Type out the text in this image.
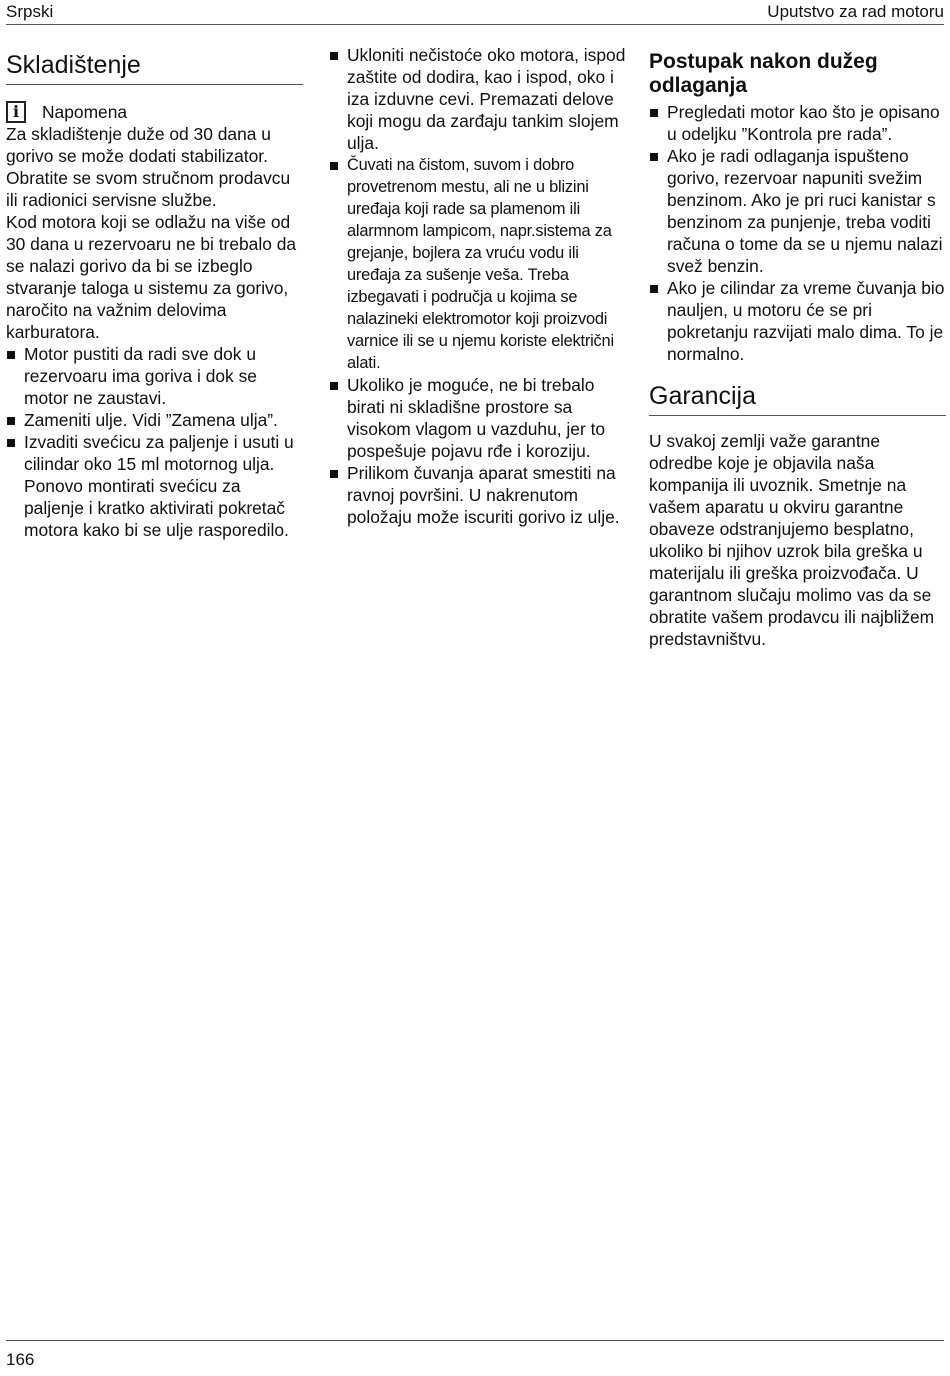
Srpski	Uputstvo za rad motoru
Skladištenje
i	Napomena

Za skladištenje duže od 30 dana u gorivo se može dodati stabilizator. Obratite se svom stručnom prodavcu ili radionici servisne službe.

Kod motora koji se odlažu na više od 30 dana u rezervoaru ne bi trebalo da se nalazi gorivo da bi se izbeglo stvaranje taloga u sistemu za gorivo, naročito na važnim delovima karburatora.

Motor pustiti da radi sve dok u rezervoaru ima goriva i dok se motor ne zaustavi.
Zameniti ulje. Vidi ”Zamena ulja”.
Izvaditi svećicu za paljenje i usuti u cilindar oko 15 ml motornog ulja. Ponovo montirati svećicu za paljenje i kratko aktivirati pokretač motora kako bi se ulje rasporedilo.
Ukloniti nečistoće oko motora, ispod zaštite od dodira, kao i ispod, oko i iza izduvne cevi. Premazati delove koji mogu da zarđaju tankim slojem ulja.
Čuvati na čistom, suvom i dobro provetrenom mestu, ali ne u blizini uređaja koji rade sa plamenom ili alarmnom lampicom, napr.sistema za grejanje, bojlera za vruću vodu ili uređaja za sušenje veša. Treba izbegavati i područja u kojima se nalazineki elektromotor koji proizvodi varnice ili se u njemu koriste električni alati.
Ukoliko je moguće, ne bi trebalo birati ni skladišne prostore sa visokom vlagom u vazduhu, jer to pospešuje pojavu rđe i koroziju.
Prilikom čuvanja aparat smestiti na ravnoj površini. U nakrenutom položaju može iscuriti gorivo iz ulje.
Postupak nakon dužeg odlaganja
Pregledati motor kao što je opisano u odeljku ”Kontrola pre rada”.
Ako je radi odlaganja ispušteno gorivo, rezervoar napuniti svežim benzinom. Ako je pri ruci kanistar s benzinom za punjenje, treba voditi računa o tome da se u njemu nalazi svež benzin.
Ako je cilindar za vreme čuvanja bio nauljen, u motoru će se pri pokretanju razvijati malo dima. To je normalno.
Garancija

U svakoj zemlji važe garantne odredbe koje je objavila naša kompanija ili uvoznik. Smetnje na vašem aparatu u okviru garantne obaveze odstranjujemo besplatno, ukoliko bi njihov uzrok bila greška u materijalu ili greška proizvođača. U garantnom slučaju molimo vas da se obratite vašem prodavcu ili najbližem predstavništvu.

166
